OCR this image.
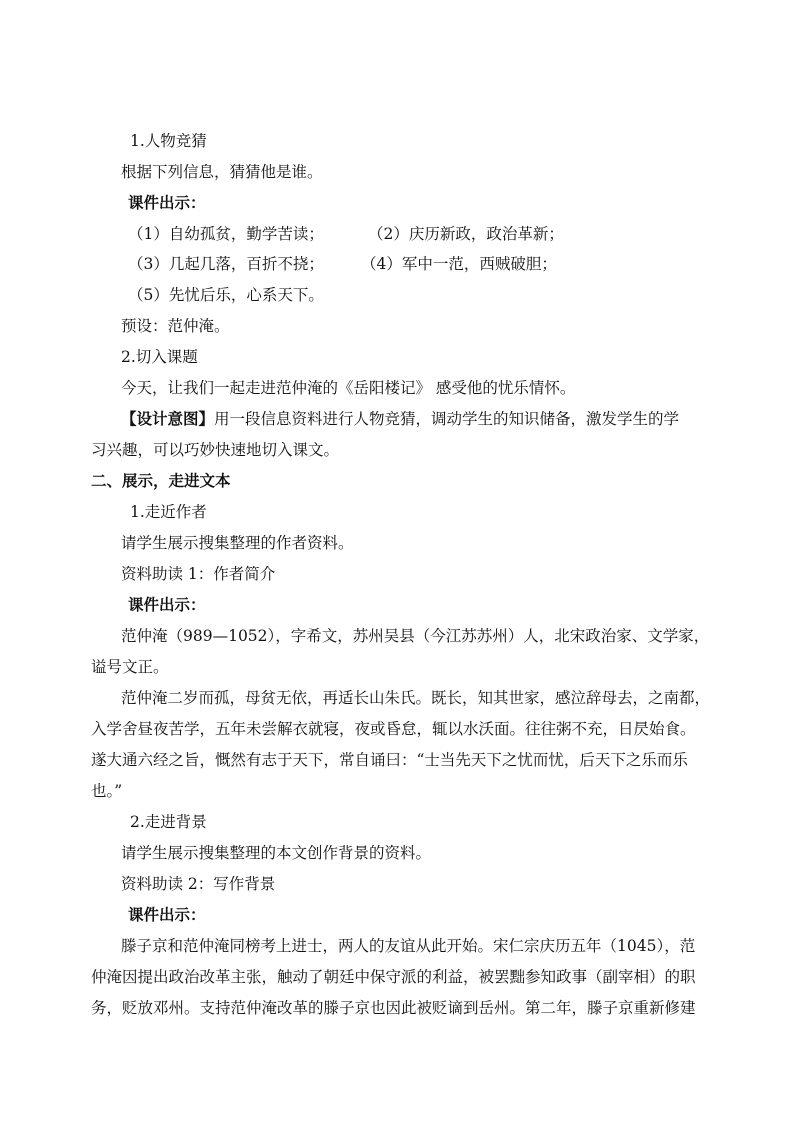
1.人物竞猜
根据下列信息，猜猜他是谁。
课件出示：
（1）自幼孤贫，勤学苦读；	（2）庆历新政，政治革新；
（3）几起几落，百折不挠； （4）军中一范，西贼破胆；
（5）先忧后乐，心系天下。
预设：范仲淹。
2.切入课题
今天，让我们一起走进范仲淹的《岳阳楼记》 感受他的忧乐情怀。
【设计意图】用一段信息资料进行人物竞猜，调动学生的知识储备，激发学生的学
习兴趣，可以巧妙快速地切入课文。
二、展示，走进文本
1.走近作者
请学生展示搜集整理的作者资料。
资料助读 1：作者简介
课件出示：
范仲淹（989—1052），字希文，苏州吴县（今江苏苏州）人，北宋政治家、文学家，
谥号文正。
范仲淹二岁而孤，母贫无依，再适长山朱氏。既长，知其世家，感泣辞母去，之南都，
入学舍昼夜苦学，五年未尝解衣就寝，夜或昏怠，辄以水沃面。往往粥不充，日昃始食。
遂大通六经之旨，慨然有志于天下，常自诵曰：“士当先天下之忧而忧，后天下之乐而乐
也。”
2.走进背景
请学生展示搜集整理的本文创作背景的资料。
资料助读 2：写作背景
课件出示：
滕子京和范仲淹同榜考上进士，两人的友谊从此开始。宋仁宗庆历五年（1045），范
仲淹因提出政治改革主张，触动了朝廷中保守派的利益，被罢黜参知政事（副宰相）的职
务，贬放邓州。支持范仲淹改革的滕子京也因此被贬谪到岳州。第二年，滕子京重新修建
